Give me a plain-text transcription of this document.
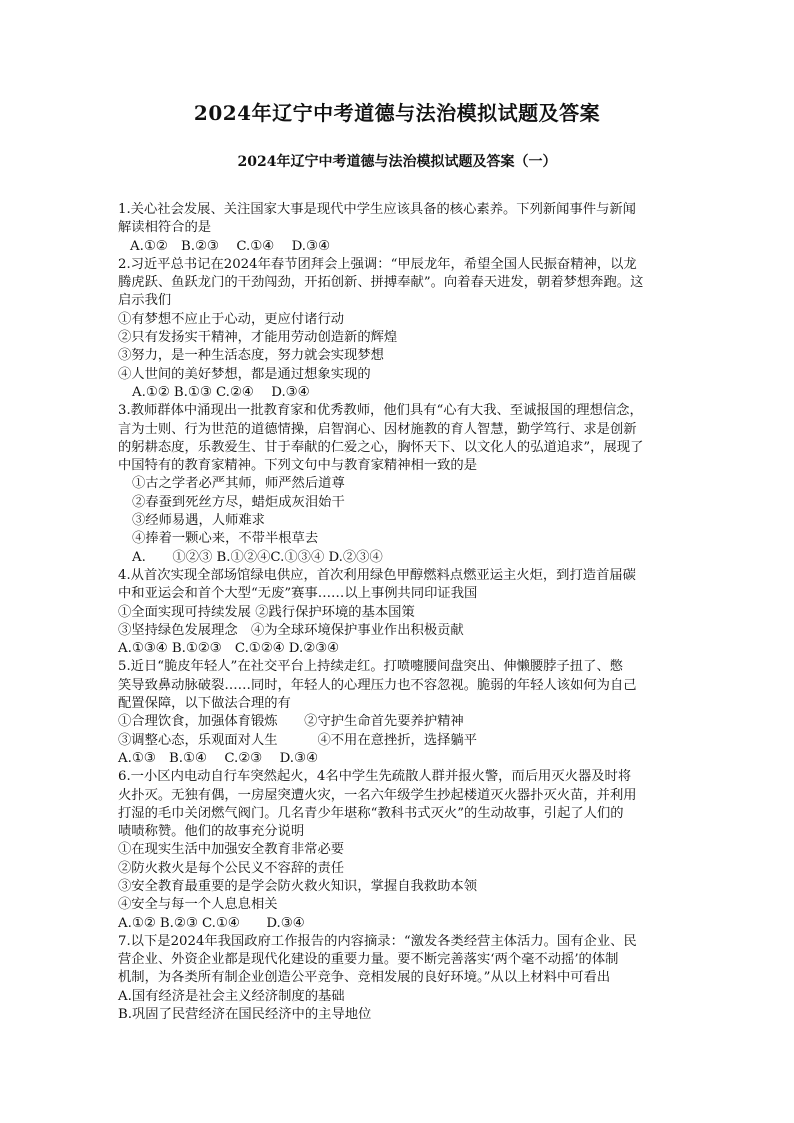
2024年辽宁中考道德与法治模拟试题及答案
2024年辽宁中考道德与法治模拟试题及答案（一）
1.关心社会发展、关注国家大事是现代中学生应该具备的核心素养。下列新闻事件与新闻
解读相符合的是
A.①②　B.②③　 C.①④　 D.③④
2.习近平总书记在2024年春节团拜会上强调：“甲辰龙年，希望全国人民振奋精神，以龙
腾虎跃、鱼跃龙门的干劲闯劲，开拓创新、拼搏奉献”。向着春天进发，朝着梦想奔跑。这
启示我们
①有梦想不应止于心动，更应付诸行动
②只有发扬实干精神，才能用劳动创造新的辉煌
③努力，是一种生活态度，努力就会实现梦想
④人世间的美好梦想，都是通过想象实现的
A.①② B.①③ C.②④　 D.③④
3.教师群体中涌现出一批教育家和优秀教师，他们具有“心有大我、至诚报国的理想信念，
言为士则、行为世范的道德情操，启智润心、因材施教的育人智慧，勤学笃行、求是创新
的躬耕态度，乐教爱生、甘于奉献的仁爱之心，胸怀天下、以文化人的弘道追求”，展现了
中国特有的教育家精神。下列文句中与教育家精神相一致的是
①古之学者必严其师，师严然后道尊
②春蚕到死丝方尽，蜡炬成灰泪始干
③经师易遇，人师难求
④捧着一颗心来，不带半根草去
A.　　①②③ B.①②④C.①③④ D.②③④
4.从首次实现全部场馆绿电供应，首次利用绿色甲醇燃料点燃亚运主火炬，到打造首届碳
中和亚运会和首个大型“无废”赛事……以上事例共同印证我国
①全面实现可持续发展 ②践行保护环境的基本国策
③坚持绿色发展理念　④为全球环境保护事业作出积极贡献
A.①③④ B.①②③　C.①②④ D.②③④
5.近日“脆皮年轻人”在社交平台上持续走红。打喷嚏腰间盘突出、伸懒腰脖子扭了、憋
笑导致鼻动脉破裂……同时，年轻人的心理压力也不容忽视。脆弱的年轻人该如何为自己
配置保障，以下做法合理的有
①合理饮食，加强体育锻炼　　②守护生命首先要养护精神
③调整心态，乐观面对人生　　　④不用在意挫折，选择躺平
A.①③　B.①④　 C.②③　 D.③④
6.一小区内电动自行车突然起火，4名中学生先疏散人群并报火警，而后用灭火器及时将
火扑灭。无独有偶，一房屋突遭火灾，一名六年级学生抄起楼道灭火器扑灭火苗，并利用
打湿的毛巾关闭燃气阀门。几名青少年堪称“教科书式灭火”的生动故事，引起了人们的
啧啧称赞。他们的故事充分说明
①在现实生活中加强安全教育非常必要
②防火救火是每个公民义不容辞的责任
③安全教育最重要的是学会防火救火知识，掌握自我救助本领
④安全与每一个人息息相关
A.①② B.②③ C.①④　　D.③④
7.以下是2024年我国政府工作报告的内容摘录：“激发各类经营主体活力。国有企业、民
营企业、外资企业都是现代化建设的重要力量。要不断完善落实‘两个毫不动摇’的体制
机制，为各类所有制企业创造公平竞争、竞相发展的良好环境。”从以上材料中可看出
A.国有经济是社会主义经济制度的基础
B.巩固了民营经济在国民经济中的主导地位
